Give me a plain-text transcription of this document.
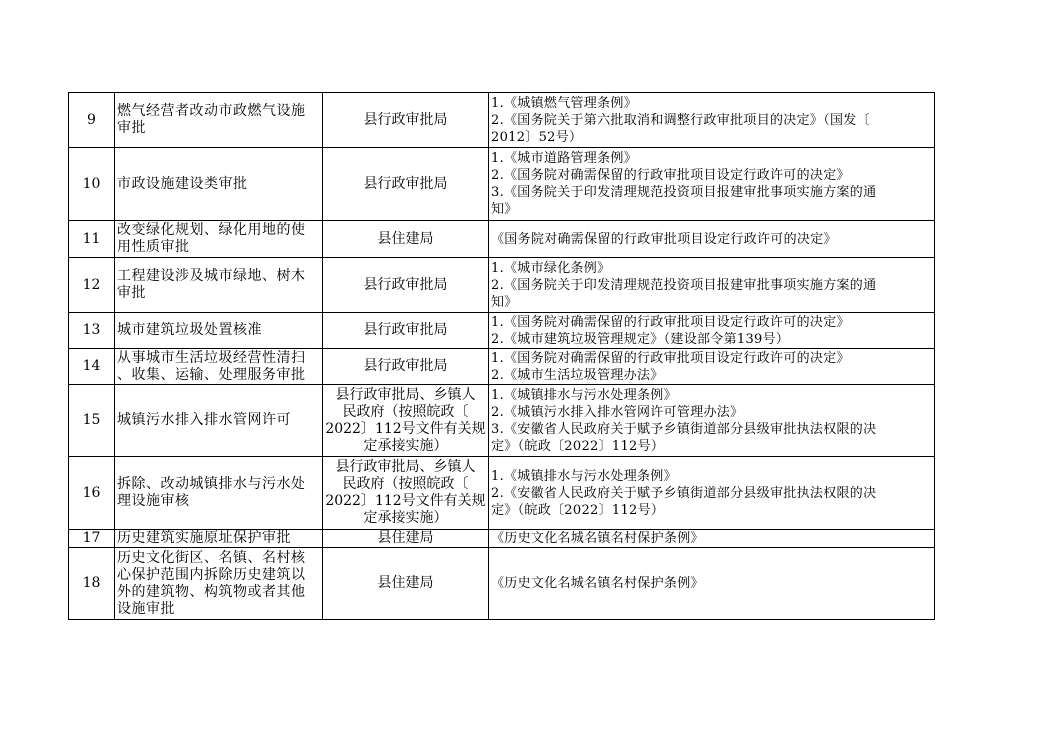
9	燃气经营者改动市政燃气设施
审批	县行政审批局	1.《城镇燃气管理条例》
2.《国务院关于第六批取消和调整行政审批项目的决定》（国发〔
2012〕52号）

10	市政设施建设类审批	县行政审批局	1.《城市道路管理条例》
2.《国务院对确需保留的行政审批项目设定行政许可的决定》
3.《国务院关于印发清理规范投资项目报建审批事项实施方案的通
知》

11	改变绿化规划、绿化用地的使
用性质审批	县住建局	《国务院对确需保留的行政审批项目设定行政许可的决定》

12	工程建设涉及城市绿地、树木
审批	县行政审批局	1.《城市绿化条例》
2.《国务院关于印发清理规范投资项目报建审批事项实施方案的通
知》

13	城市建筑垃圾处置核准	县行政审批局	1.《国务院对确需保留的行政审批项目设定行政许可的决定》
2.《城市建筑垃圾管理规定》（建设部令第139号）

14	从事城市生活垃圾经营性清扫
、收集、运输、处理服务审批	县行政审批局	1.《国务院对确需保留的行政审批项目设定行政许可的决定》
2.《城市生活垃圾管理办法》

15	城镇污水排入排水管网许可	县行政审批局、乡镇人
民政府（按照皖政〔
2022〕112号文件有关规
定承接实施）	1.《城镇排水与污水处理条例》
2.《城镇污水排入排水管网许可管理办法》
3.《安徽省人民政府关于赋予乡镇街道部分县级审批执法权限的决
定》（皖政〔2022〕112号）

16	拆除、改动城镇排水与污水处
理设施审核	县行政审批局、乡镇人
民政府（按照皖政〔
2022〕112号文件有关规
定承接实施）	1.《城镇排水与污水处理条例》
2.《安徽省人民政府关于赋予乡镇街道部分县级审批执法权限的决
定》（皖政〔2022〕112号）

17	历史建筑实施原址保护审批	县住建局	《历史文化名城名镇名村保护条例》

18	历史文化街区、名镇、名村核
心保护范围内拆除历史建筑以
外的建筑物、构筑物或者其他
设施审批	县住建局	《历史文化名城名镇名村保护条例》
